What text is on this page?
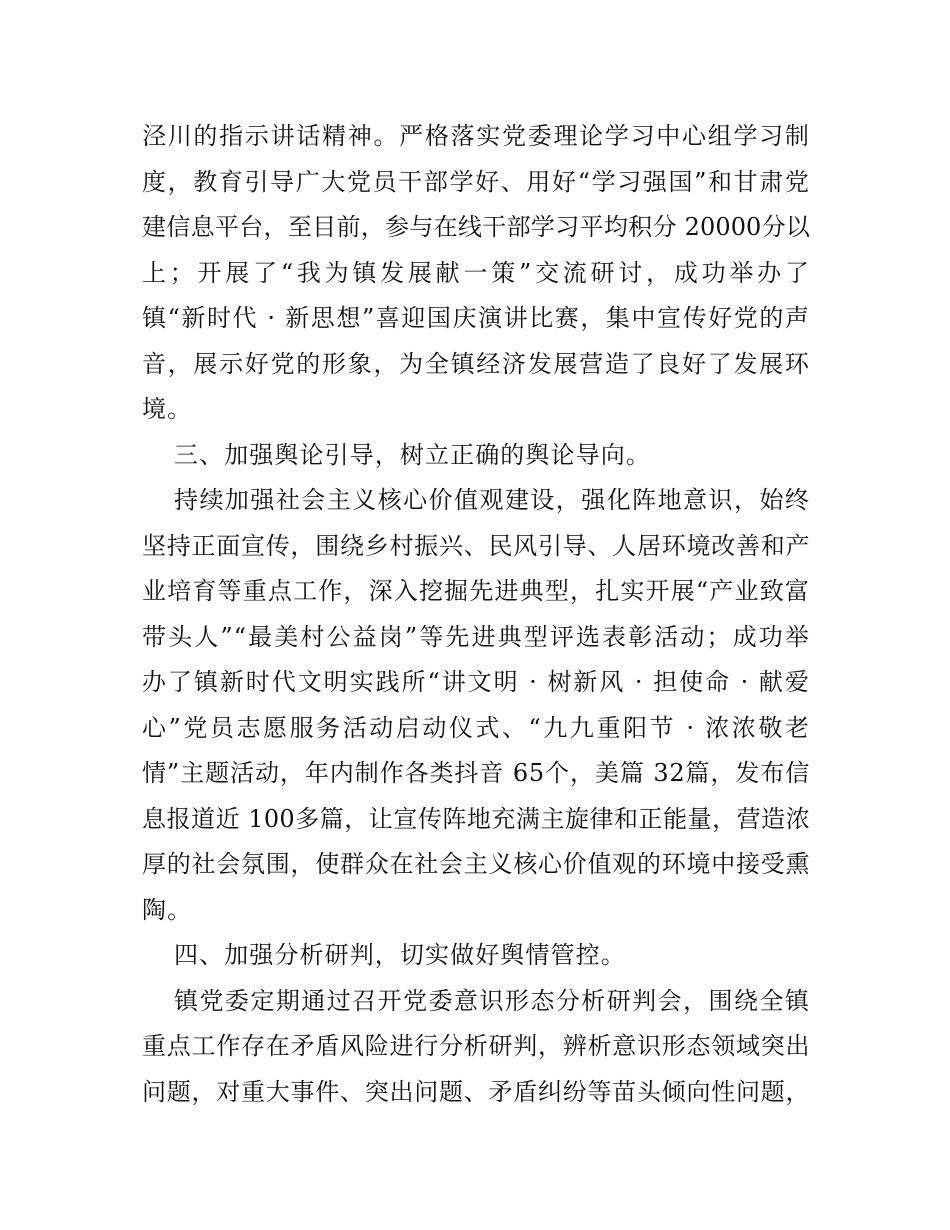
泾川的指示讲话精神。严格落实党委理论学习中心组学习制
度，教育引导广大党员干部学好、用好“学习强国”和甘肃党
建信息平台，至目前，参与在线干部学习平均积分 20000分以
上；开展了“我为镇发展献一策”交流研讨，成功举办了
镇“新时代 · 新思想”喜迎国庆演讲比赛，集中宣传好党的声
音，展示好党的形象，为全镇经济发展营造了良好了发展环
境。
三、加强舆论引导，树立正确的舆论导向。
持续加强社会主义核心价值观建设，强化阵地意识，始终
坚持正面宣传，围绕乡村振兴、民风引导、人居环境改善和产
业培育等重点工作，深入挖掘先进典型，扎实开展“产业致富
带头人”“最美村公益岗”等先进典型评选表彰活动；成功举
办了镇新时代文明实践所“讲文明 · 树新风 · 担使命 · 献爱
心”党员志愿服务活动启动仪式、“九九重阳节 · 浓浓敬老
情”主题活动，年内制作各类抖音 65个，美篇 32篇，发布信
息报道近 100多篇，让宣传阵地充满主旋律和正能量，营造浓
厚的社会氛围，使群众在社会主义核心价值观的环境中接受熏
陶。
四、加强分析研判，切实做好舆情管控。
镇党委定期通过召开党委意识形态分析研判会，围绕全镇
重点工作存在矛盾风险进行分析研判，辨析意识形态领域突出
问题，对重大事件、突出问题、矛盾纠纷等苗头倾向性问题，
